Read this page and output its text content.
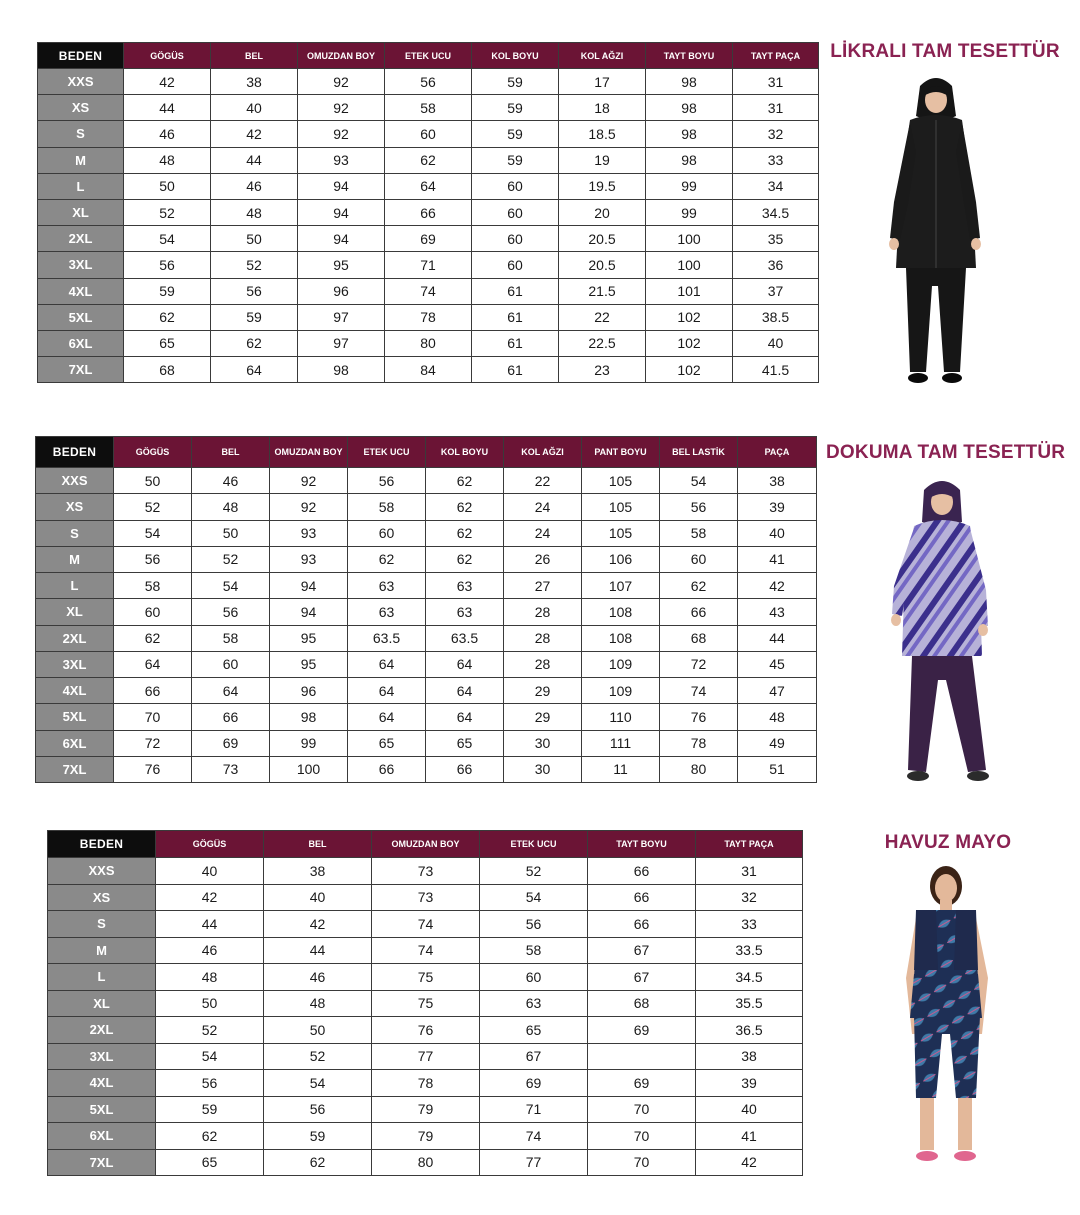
BEDEN	GÖGÜS	BEL	OMUZDAN BOY	ETEK UCU	KOL BOYU	KOL AĞZI	TAYT BOYU	TAYT PAÇA
XXS	42	38	92	56	59	17	98	31
XS	44	40	92	58	59	18	98	31
S	46	42	92	60	59	18.5	98	32
M	48	44	93	62	59	19	98	33
L	50	46	94	64	60	19.5	99	34
XL	52	48	94	66	60	20	99	34.5
2XL	54	50	94	69	60	20.5	100	35
3XL	56	52	95	71	60	20.5	100	36
4XL	59	56	96	74	61	21.5	101	37
5XL	62	59	97	78	61	22	102	38.5
6XL	65	62	97	80	61	22.5	102	40
7XL	68	64	98	84	61	23	102	41.5
LİKRALI TAM TESETTÜR
BEDEN	GÖGÜS	BEL	OMUZDAN BOY	ETEK UCU	KOL BOYU	KOL AĞZI	PANT BOYU	BEL LASTİK	PAÇA
XXS	50	46	92	56	62	22	105	54	38
XS	52	48	92	58	62	24	105	56	39
S	54	50	93	60	62	24	105	58	40
M	56	52	93	62	62	26	106	60	41
L	58	54	94	63	63	27	107	62	42
XL	60	56	94	63	63	28	108	66	43
2XL	62	58	95	63.5	63.5	28	108	68	44
3XL	64	60	95	64	64	28	109	72	45
4XL	66	64	96	64	64	29	109	74	47
5XL	70	66	98	64	64	29	110	76	48
6XL	72	69	99	65	65	30	111	78	49
7XL	76	73	100	66	66	30	11	80	51
DOKUMA TAM TESETTÜR
BEDEN	GÖGÜS	BEL	OMUZDAN BOY	ETEK UCU	TAYT BOYU	TAYT PAÇA
XXS	40	38	73	52	66	31
XS	42	40	73	54	66	32
S	44	42	74	56	66	33
M	46	44	74	58	67	33.5
L	48	46	75	60	67	34.5
XL	50	48	75	63	68	35.5
2XL	52	50	76	65	69	36.5
3XL	54	52	77	67		38
4XL	56	54	78	69	69	39
5XL	59	56	79	71	70	40
6XL	62	59	79	74	70	41
7XL	65	62	80	77	70	42
HAVUZ MAYO
